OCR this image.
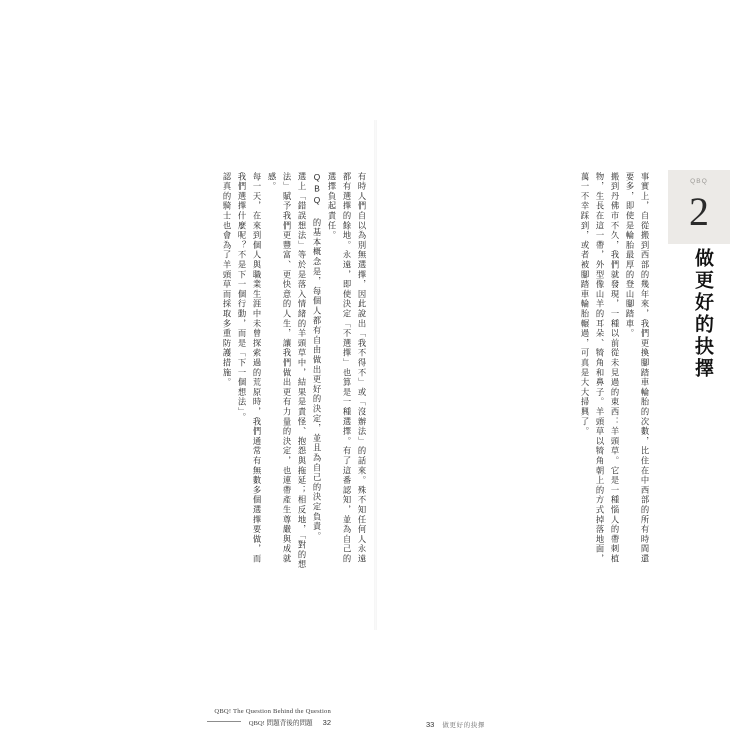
QBQ
2
做更好的抉擇
搬到丹佛市不久，我們就發現，一種以前從未見過的東西：羊頭草。它是一種惱人的帶刺植物，生長在這一帶，外型像山羊的耳朵、犄角和鼻子。羊頭草以犄角朝上的方式掉落地面，萬一不幸踩到，或者被腳踏車輪胎輾過，可真是大大掃興了。	事實上，自從搬到西部的幾年來，我們更換腳踏車輪胎的次數，比住在中西部的所有時間還要多，即使是輪胎最厚的登山腳踏車。
33 做更好的抉擇
認真的騎士也會為了羊頭草而採取多重防護措施。	每一天，在來到個人與職業生涯中未曾探索過的荒原時，我們通常有無數多個選擇要做，而我們選擇什麼呢？不是下一個行動，而是「下一個想法」。	選上「錯誤想法」等於是落入情緒的羊頭草中，結果是責怪、抱怨與拖延；相反地，「對的想法」賦予我們更豐富、更快意的人生，讓我們做出更有力量的決定，也連帶產生尊嚴與成就感。	QBQ 的基本概念是，每個人都有自由做出更好的決定，並且為自己的決定負責。	有時人們自以為別無選擇，因此說出「我不得不」或「沒辦法」的話來。殊不知任何人永遠都有選擇的餘地。永遠，即使決定「不選擇」也算是一種選擇。有了這番認知，並為自己的選擇負起責任。
QBQ! The Question Behind the Question
QBQ! 問題背後的問題 32
